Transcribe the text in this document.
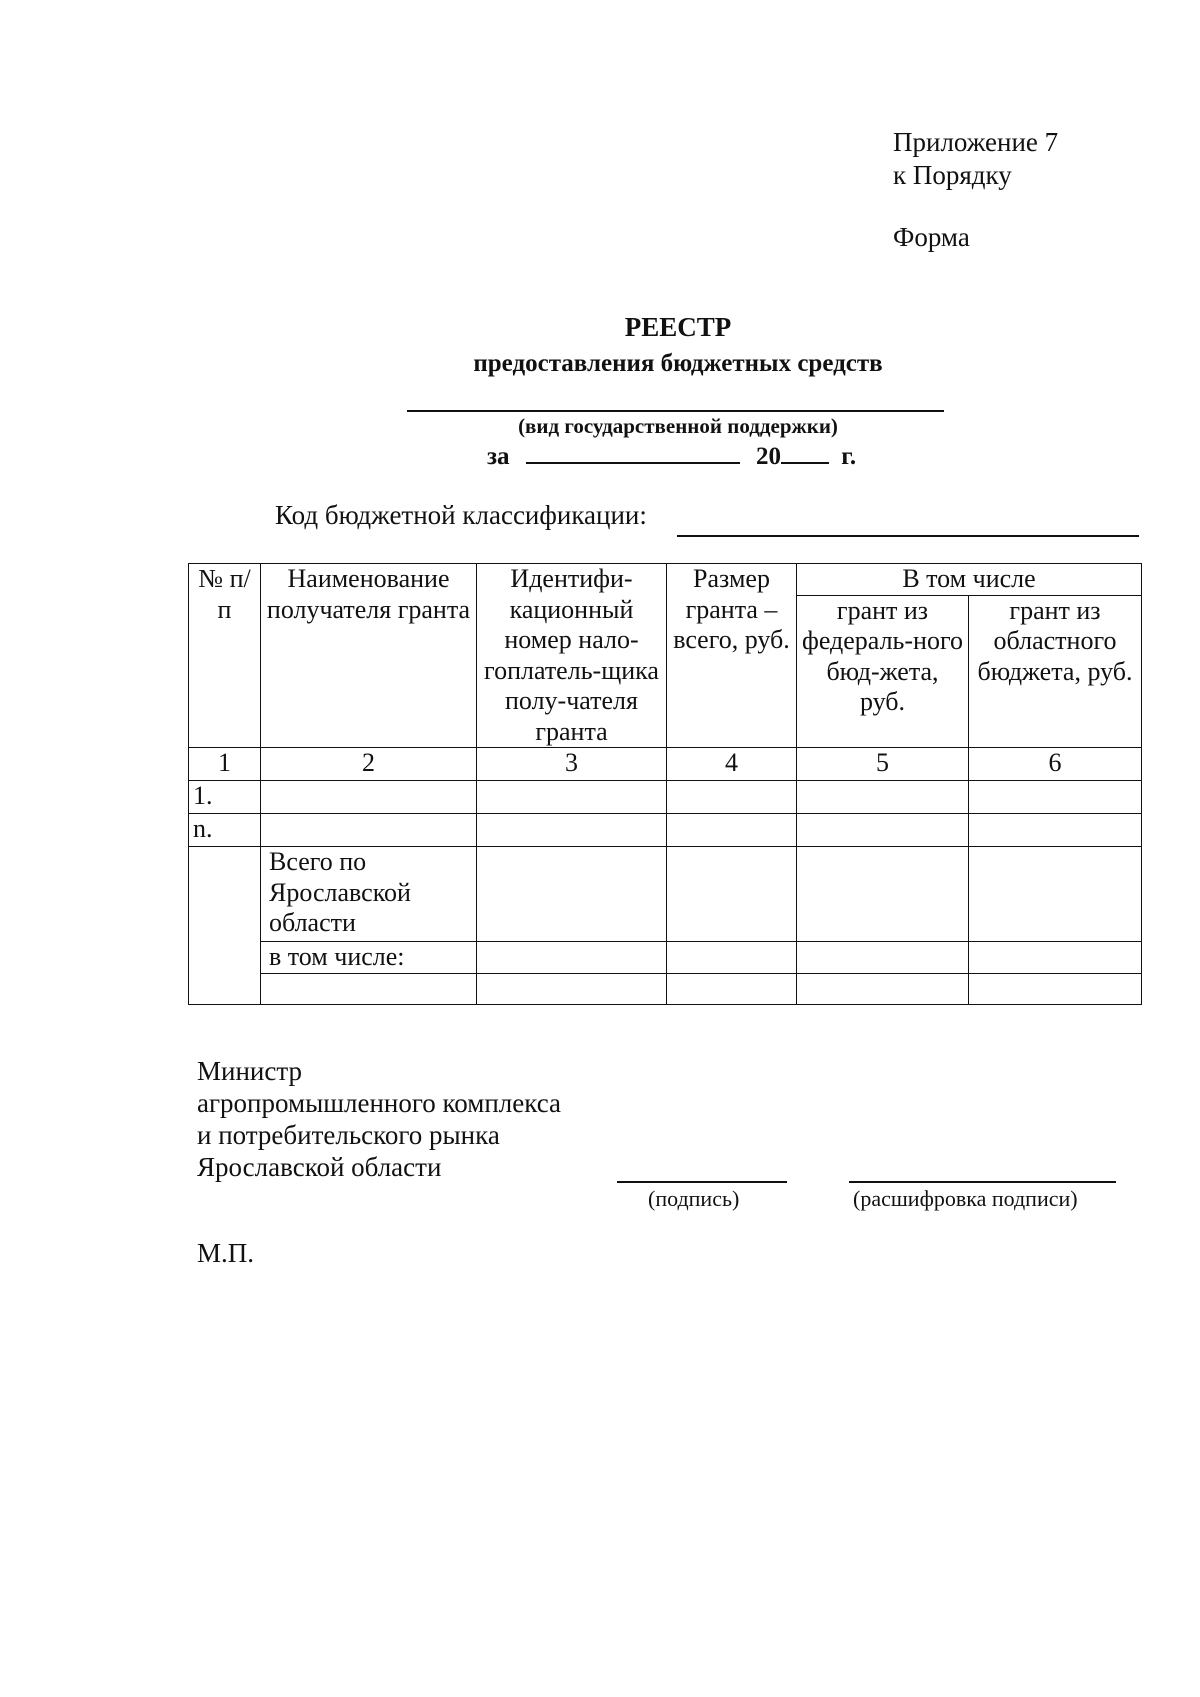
Приложение 7
к Порядку
Форма
РЕЕСТР
предоставления бюджетных средств
(вид государственной поддержки)
за	20 г.
Код бюджетной классификации:
№ п/п	Наименование получателя гранта	Идентифи-кационный номер нало-гоплатель-щика полу-чателя гранта	Размер гранта – всего, руб.	В том числе	
				грант из федераль-ного бюд-жета, руб.	грант из областного бюджета, руб.
1	2	3	4	5	6
1.					
n.					
	Всего по Ярославской области				
	в том числе:				

Министр
агропромышленного комплекса
и потребительского рынка
Ярославской области
(подпись)	(расшифровка подписи)
М.П.
